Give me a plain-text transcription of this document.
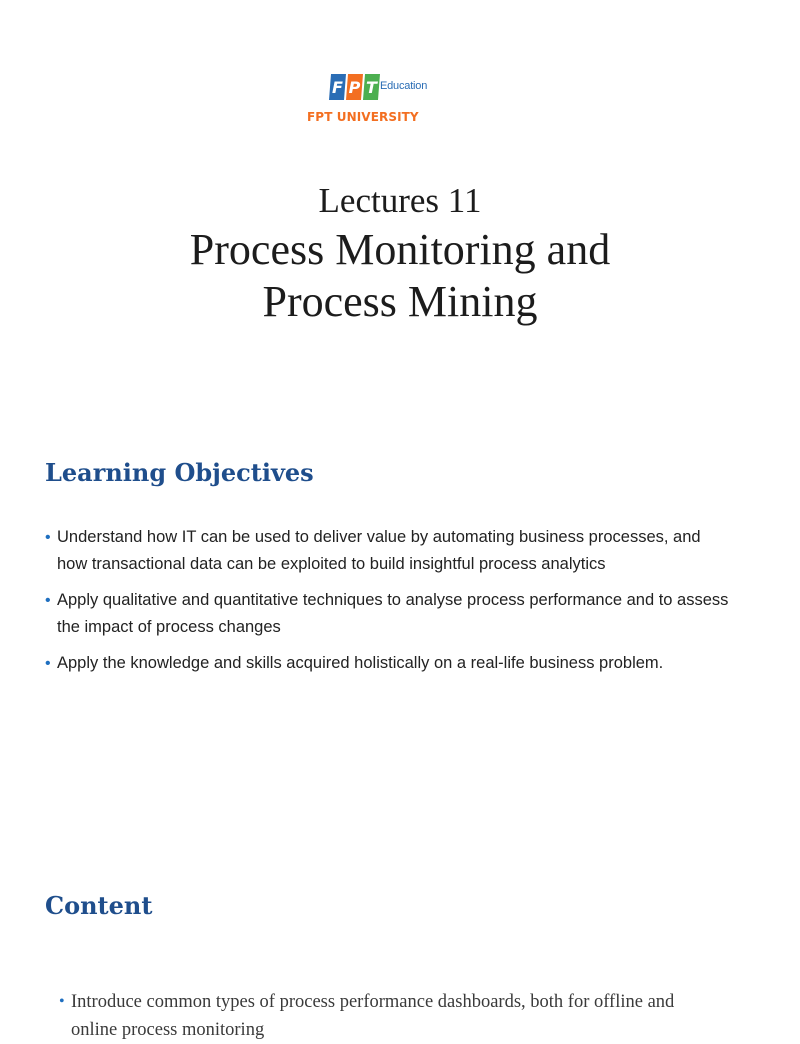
F P T Education
FPT UNIVERSITY
Lectures 11
Process Monitoring and
Process Mining
Learning Objectives
• Understand how IT can be used to deliver value by automating business processes, and how transactional data can be exploited to build insightful process analytics
• Apply qualitative and quantitative techniques to analyse process performance and to assess the impact of process changes
• Apply the knowledge and skills acquired holistically on a real-life business problem.
Content
• Introduce common types of process performance dashboards, both for offline and online process monitoring
